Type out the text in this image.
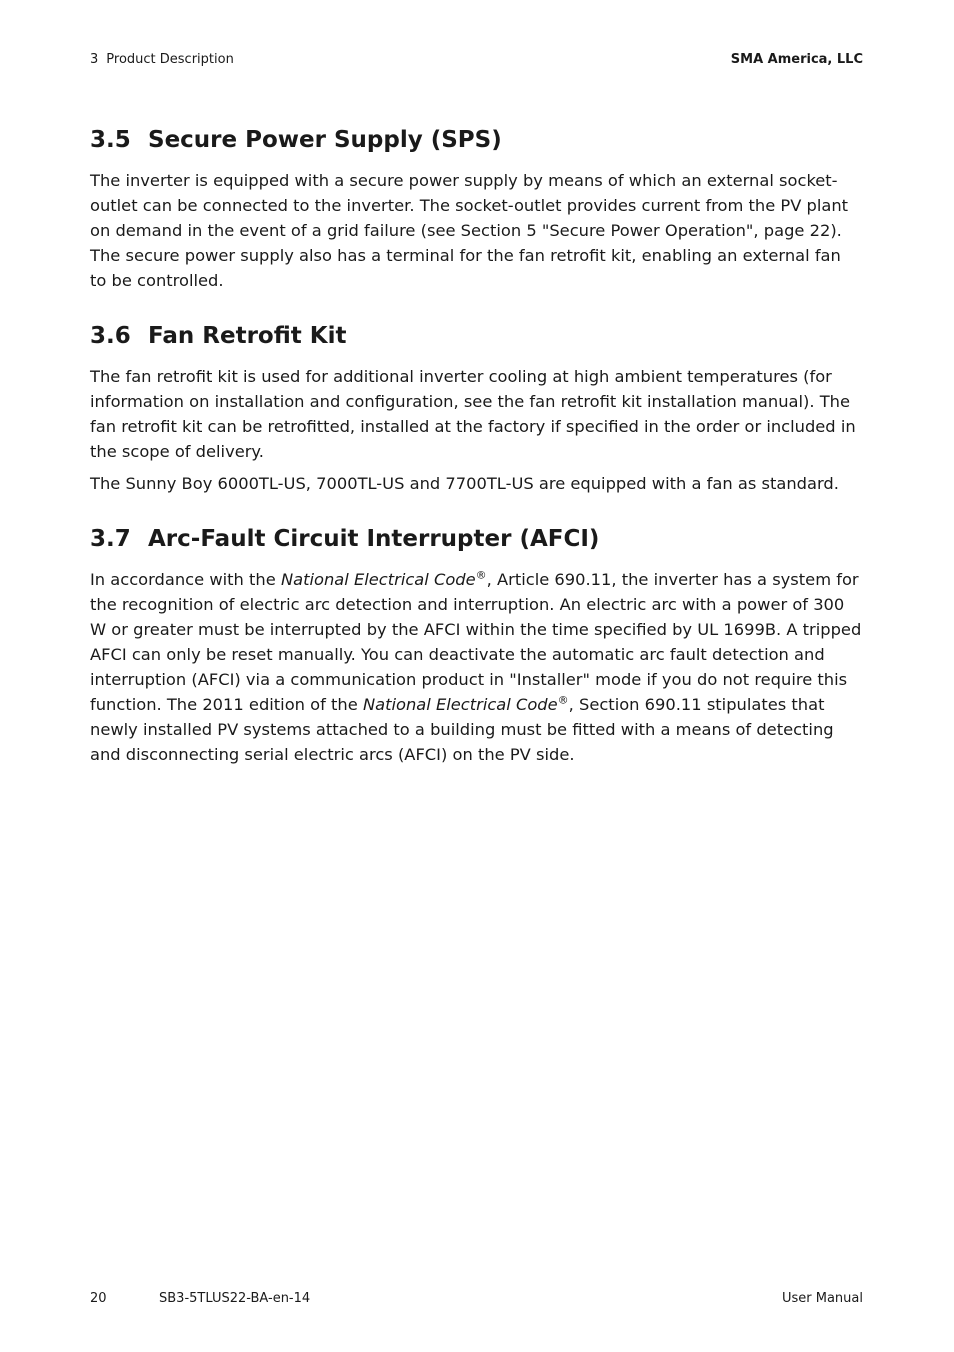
3 Product Description	SMA America, LLC
3.5 Secure Power Supply (SPS)

The inverter is equipped with a secure power supply by means of which an external socket-outlet can be connected to the inverter. The socket-outlet provides current from the PV plant on demand in the event of a grid failure (see Section 5 "Secure Power Operation", page 22). The secure power supply also has a terminal for the fan retrofit kit, enabling an external fan to be controlled.

3.6 Fan Retrofit Kit

The fan retrofit kit is used for additional inverter cooling at high ambient temperatures (for information on installation and configuration, see the fan retrofit kit installation manual). The fan retrofit kit can be retrofitted, installed at the factory if specified in the order or included in the scope of delivery.

The Sunny Boy 6000TL-US, 7000TL-US and 7700TL-US are equipped with a fan as standard.

3.7 Arc-Fault Circuit Interrupter (AFCI)

In accordance with the National Electrical Code®, Article 690.11, the inverter has a system for the recognition of electric arc detection and interruption. An electric arc with a power of 300 W or greater must be interrupted by the AFCI within the time specified by UL 1699B. A tripped AFCI can only be reset manually. You can deactivate the automatic arc fault detection and interruption (AFCI) via a communication product in "Installer" mode if you do not require this function. The 2011 edition of the National Electrical Code®, Section 690.11 stipulates that newly installed PV systems attached to a building must be fitted with a means of detecting and disconnecting serial electric arcs (AFCI) on the PV side.

20	SB3-5TLUS22-BA-en-14	User Manual
